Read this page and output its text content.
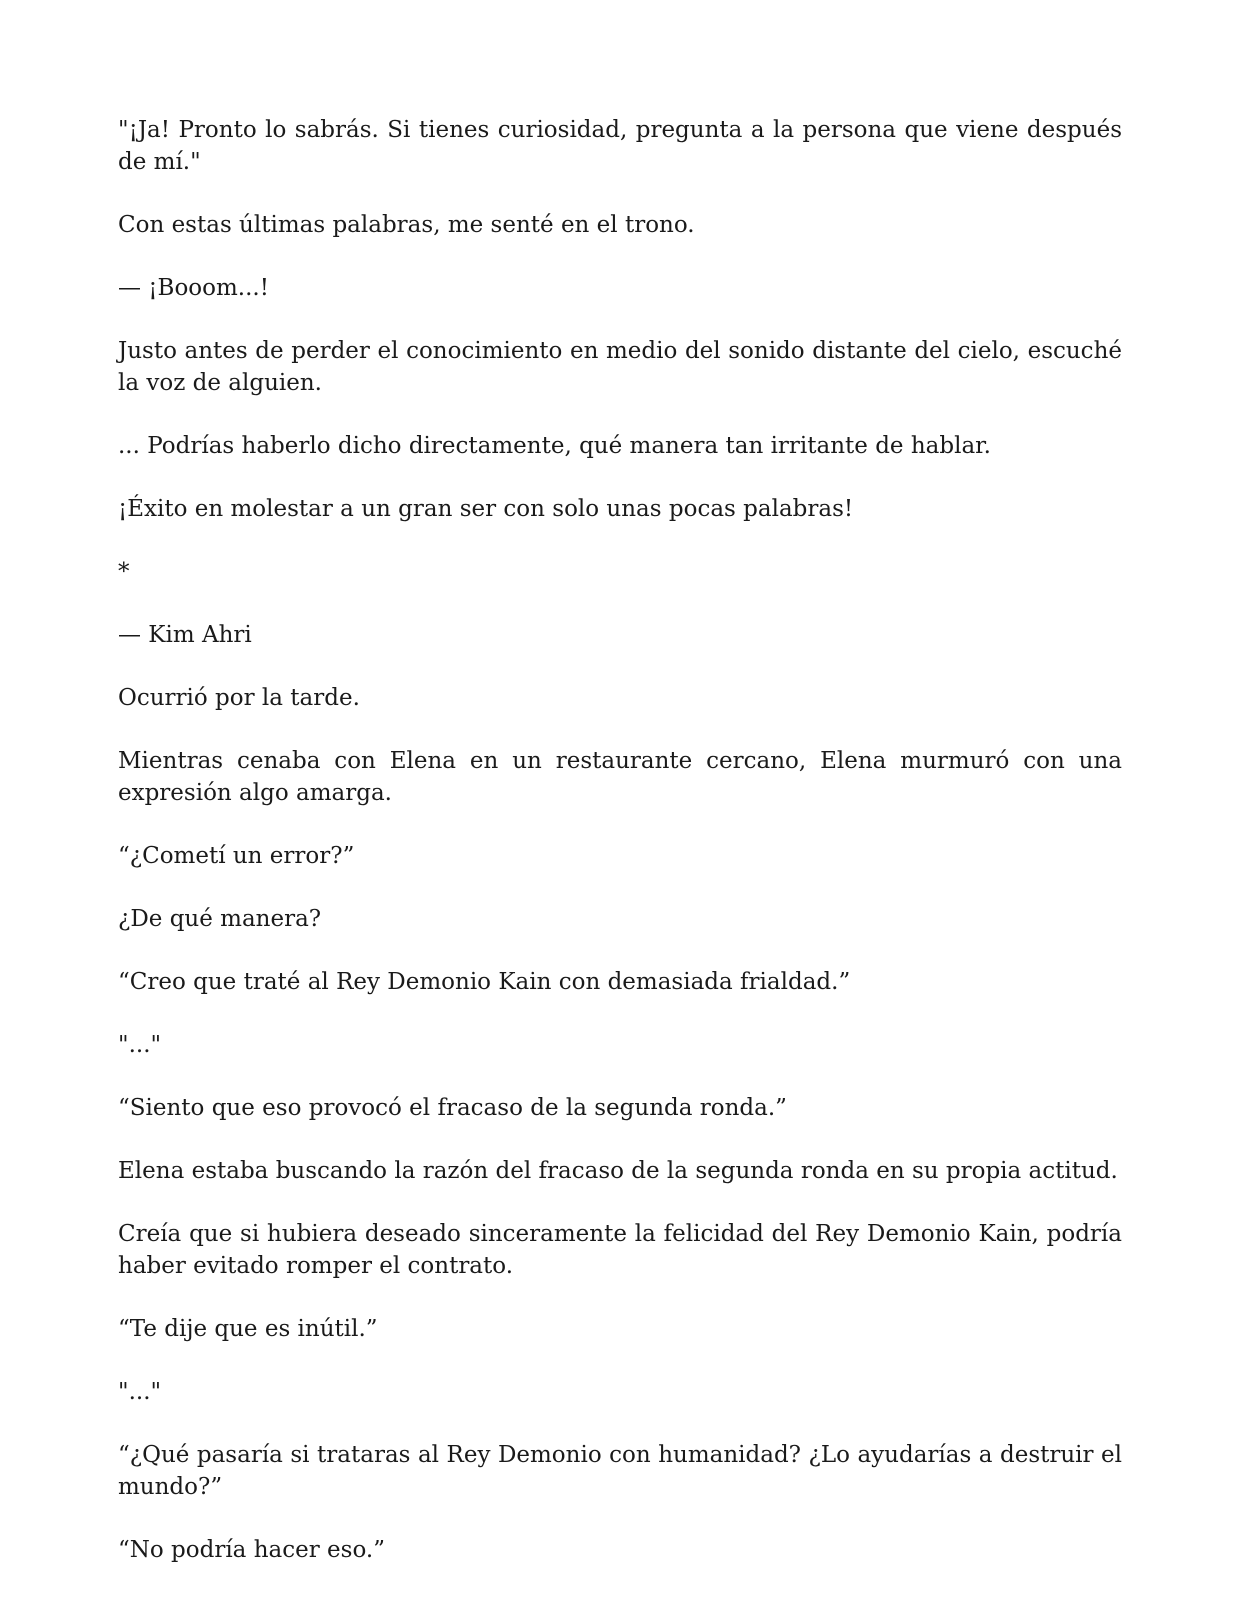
"¡Ja! Pronto lo sabrás. Si tienes curiosidad, pregunta a la persona que viene después de mí."

Con estas últimas palabras, me senté en el trono.

— ¡Booom...!

Justo antes de perder el conocimiento en medio del sonido distante del cielo, escuché la voz de alguien.

... Podrías haberlo dicho directamente, qué manera tan irritante de hablar.

¡Éxito en molestar a un gran ser con solo unas pocas palabras!

*

— Kim Ahri

Ocurrió por la tarde.

Mientras cenaba con Elena en un restaurante cercano, Elena murmuró con una expresión algo amarga.

“¿Cometí un error?”

¿De qué manera?

“Creo que traté al Rey Demonio Kain con demasiada frialdad.”

"..."

“Siento que eso provocó el fracaso de la segunda ronda.”

Elena estaba buscando la razón del fracaso de la segunda ronda en su propia actitud.

Creía que si hubiera deseado sinceramente la felicidad del Rey Demonio Kain, podría haber evitado romper el contrato.

“Te dije que es inútil.”

"..."

“¿Qué pasaría si trataras al Rey Demonio con humanidad? ¿Lo ayudarías a destruir el mundo?”

“No podría hacer eso.”
